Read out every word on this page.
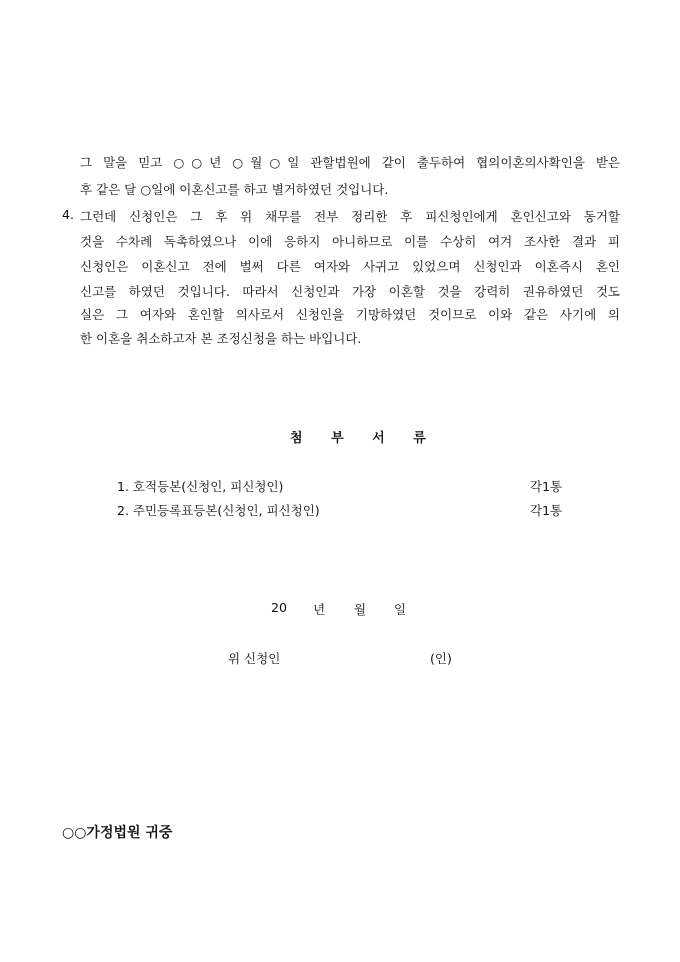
그 말을 믿고 ○○년 ○월○일 관할법원에 같이 출두하여 협의이혼의사확인을 받은
후 같은 달 ○일에 이혼신고를 하고 별거하였던 것입니다.
4. 그런데 신청인은 그 후 위 채무를 전부 정리한 후 피신청인에게 혼인신고와 동거할
것을 수차례 독촉하였으나 이에 응하지 아니하므로 이를 수상히 여겨 조사한 결과 피
신청인은 이혼신고 전에 벌써 다른 여자와 사귀고 있었으며 신청인과 이혼즉시 혼인
신고를 하였던 것입니다. 따라서 신청인과 가장 이혼할 것을 강력히 권유하였던 것도
실은 그 여자와 혼인할 의사로서 신청인을 기망하였던 것이므로 이와 같은 사기에 의
한 이혼을 취소하고자 본 조정신청을 하는 바입니다.
첨 부 서 류
1. 호적등본(신청인, 피신청인)	각1통
2. 주민등록표등본(신청인, 피신청인)	각1통
20 년 월 일
위 신청인	(인)
○○가정법원 귀중
